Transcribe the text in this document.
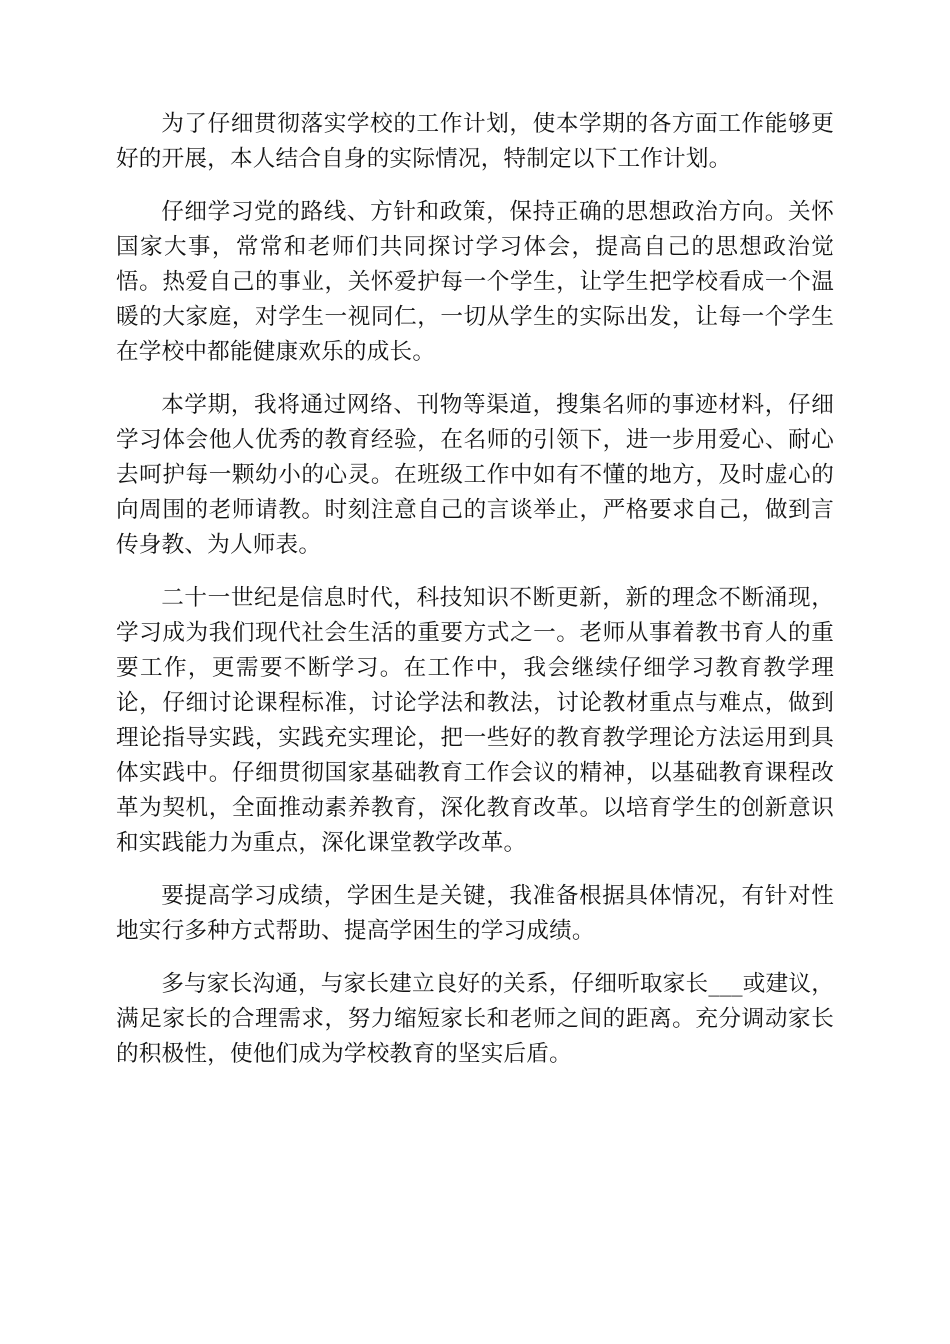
为了仔细贯彻落实学校的工作计划，使本学期的各方面工作能够更好的开展，本人结合自身的实际情况，特制定以下工作计划。

仔细学习党的路线、方针和政策，保持正确的思想政治方向。关怀国家大事，常常和老师们共同探讨学习体会，提高自己的思想政治觉悟。热爱自己的事业，关怀爱护每一个学生，让学生把学校看成一个温暖的大家庭，对学生一视同仁，一切从学生的实际出发，让每一个学生在学校中都能健康欢乐的成长。

本学期，我将通过网络、刊物等渠道，搜集名师的事迹材料，仔细学习体会他人优秀的教育经验，在名师的引领下，进一步用爱心、耐心去呵护每一颗幼小的心灵。在班级工作中如有不懂的地方，及时虚心的向周围的老师请教。时刻注意自己的言谈举止，严格要求自己，做到言传身教、为人师表。

二十一世纪是信息时代，科技知识不断更新，新的理念不断涌现，学习成为我们现代社会生活的重要方式之一。老师从事着教书育人的重要工作，更需要不断学习。在工作中，我会继续仔细学习教育教学理论，仔细讨论课程标准，讨论学法和教法，讨论教材重点与难点，做到理论指导实践，实践充实理论，把一些好的教育教学理论方法运用到具体实践中。仔细贯彻国家基础教育工作会议的精神，以基础教育课程改革为契机，全面推动素养教育，深化教育改革。以培育学生的创新意识和实践能力为重点，深化课堂教学改革。

要提高学习成绩，学困生是关键，我准备根据具体情况，有针对性地实行多种方式帮助、提高学困生的学习成绩。

多与家长沟通，与家长建立良好的关系，仔细听取家长___或建议，满足家长的合理需求，努力缩短家长和老师之间的距离。充分调动家长的积极性，使他们成为学校教育的坚实后盾。
